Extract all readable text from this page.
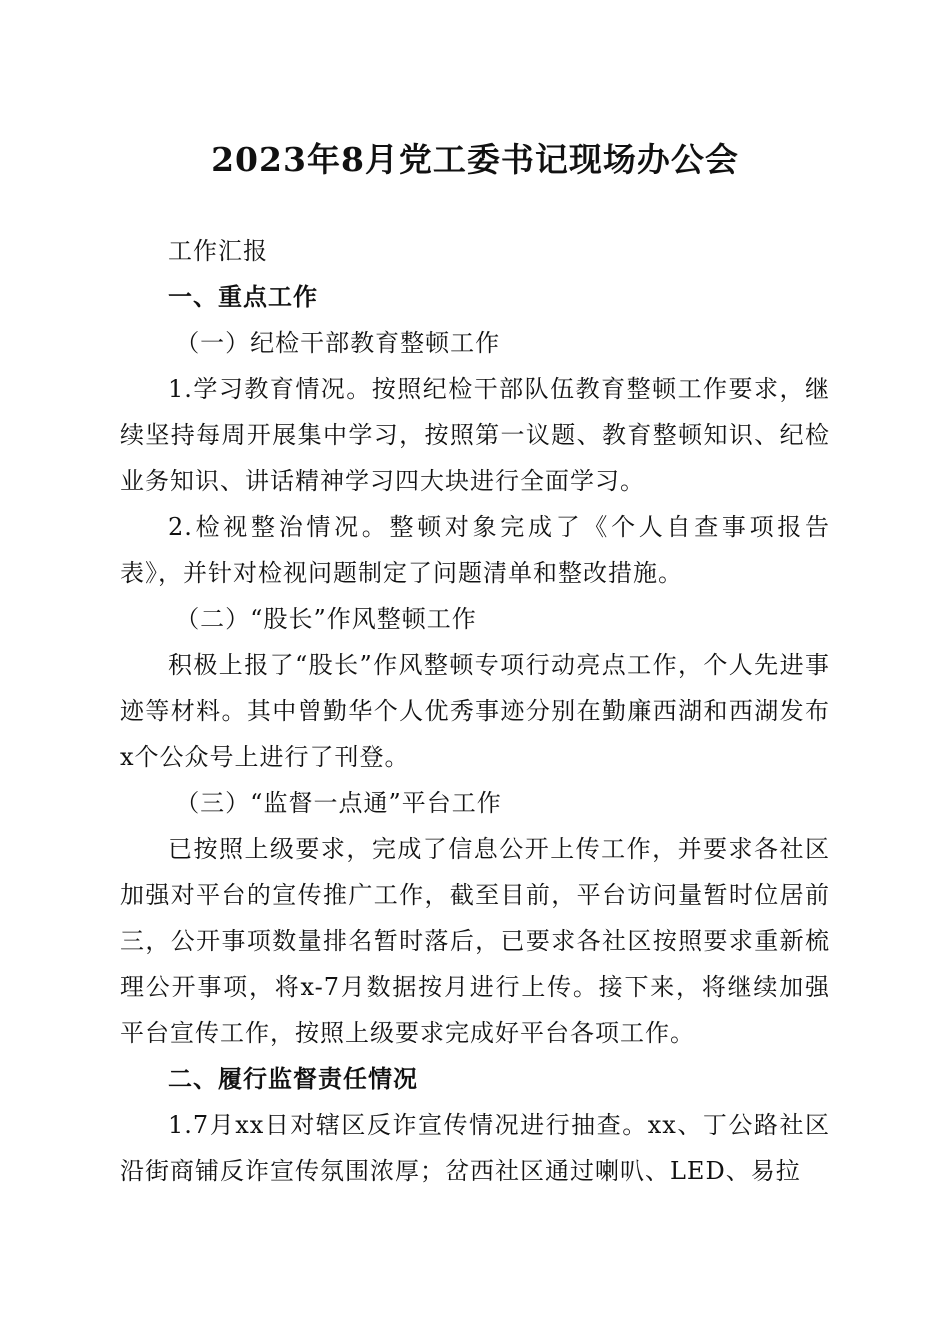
2023年8月党工委书记现场办公会

工作汇报

一、重点工作

（一）纪检干部教育整顿工作

1.学习教育情况。按照纪检干部队伍教育整顿工作要求，继续坚持每周开展集中学习，按照第一议题、教育整顿知识、纪检业务知识、讲话精神学习四大块进行全面学习。

2.检视整治情况。整顿对象完成了《个人自查事项报告表》，并针对检视问题制定了问题清单和整改措施。

（二）“股长”作风整顿工作

积极上报了“股长”作风整顿专项行动亮点工作，个人先进事迹等材料。其中曾勤华个人优秀事迹分别在勤廉西湖和西湖发布x个公众号上进行了刊登。

（三）“监督一点通”平台工作

已按照上级要求，完成了信息公开上传工作，并要求各社区加强对平台的宣传推广工作，截至目前，平台访问量暂时位居前三，公开事项数量排名暂时落后，已要求各社区按照要求重新梳理公开事项，将x-7月数据按月进行上传。接下来，将继续加强平台宣传工作，按照上级要求完成好平台各项工作。

二、履行监督责任情况

1.7月xx日对辖区反诈宣传情况进行抽查。xx、丁公路社区沿街商铺反诈宣传氛围浓厚；岔西社区通过喇叭、LED、易拉
